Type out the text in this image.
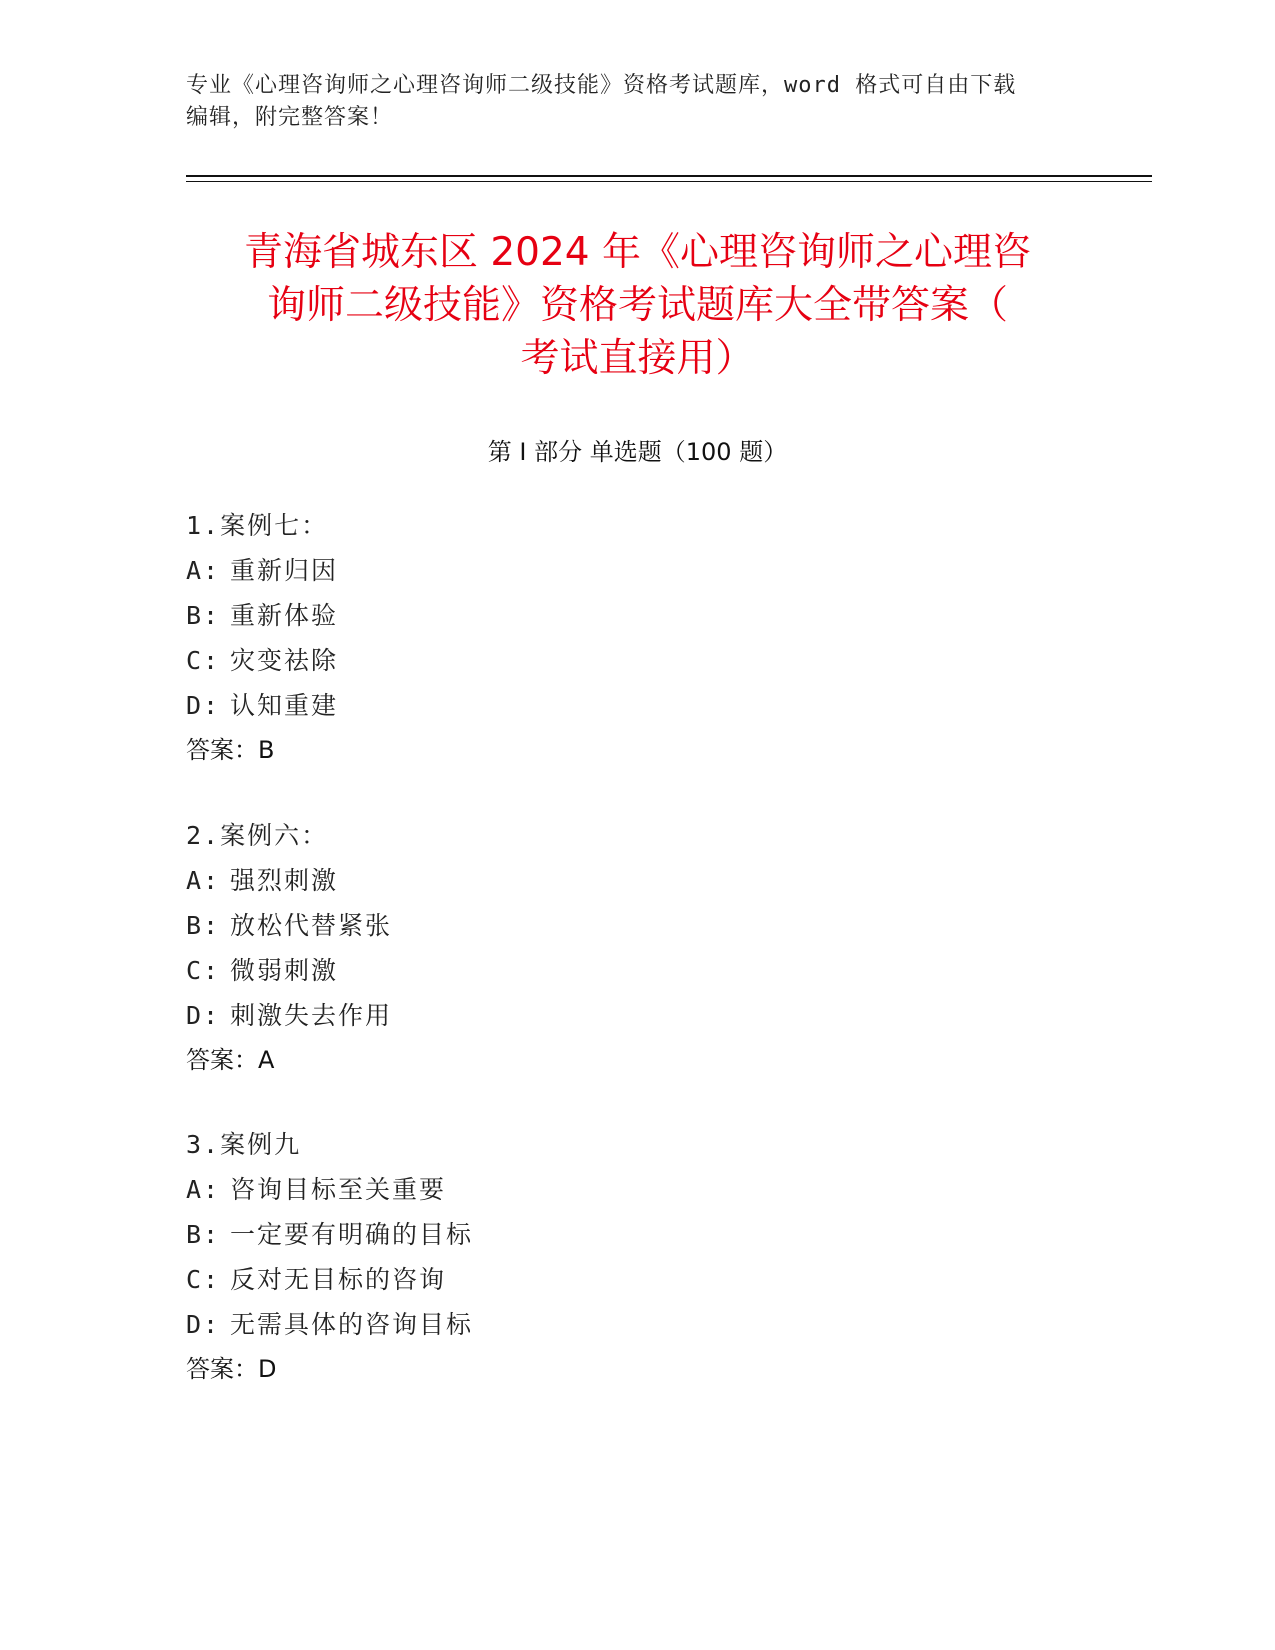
专业《心理咨询师之心理咨询师二级技能》资格考试题库，word 格式可自由下载
编辑，附完整答案！
青海省城东区 2024 年《心理咨询师之心理咨
询师二级技能》资格考试题库大全带答案（
考试直接用）
第 I 部分 单选题（100 题）
1.案例七：
A: 重新归因
B: 重新体验
C: 灾变祛除
D: 认知重建
答案：B
2.案例六：
A: 强烈刺激
B: 放松代替紧张
C: 微弱刺激
D: 刺激失去作用
答案：A
3.案例九
A: 咨询目标至关重要
B: 一定要有明确的目标
C: 反对无目标的咨询
D: 无需具体的咨询目标
答案：D
